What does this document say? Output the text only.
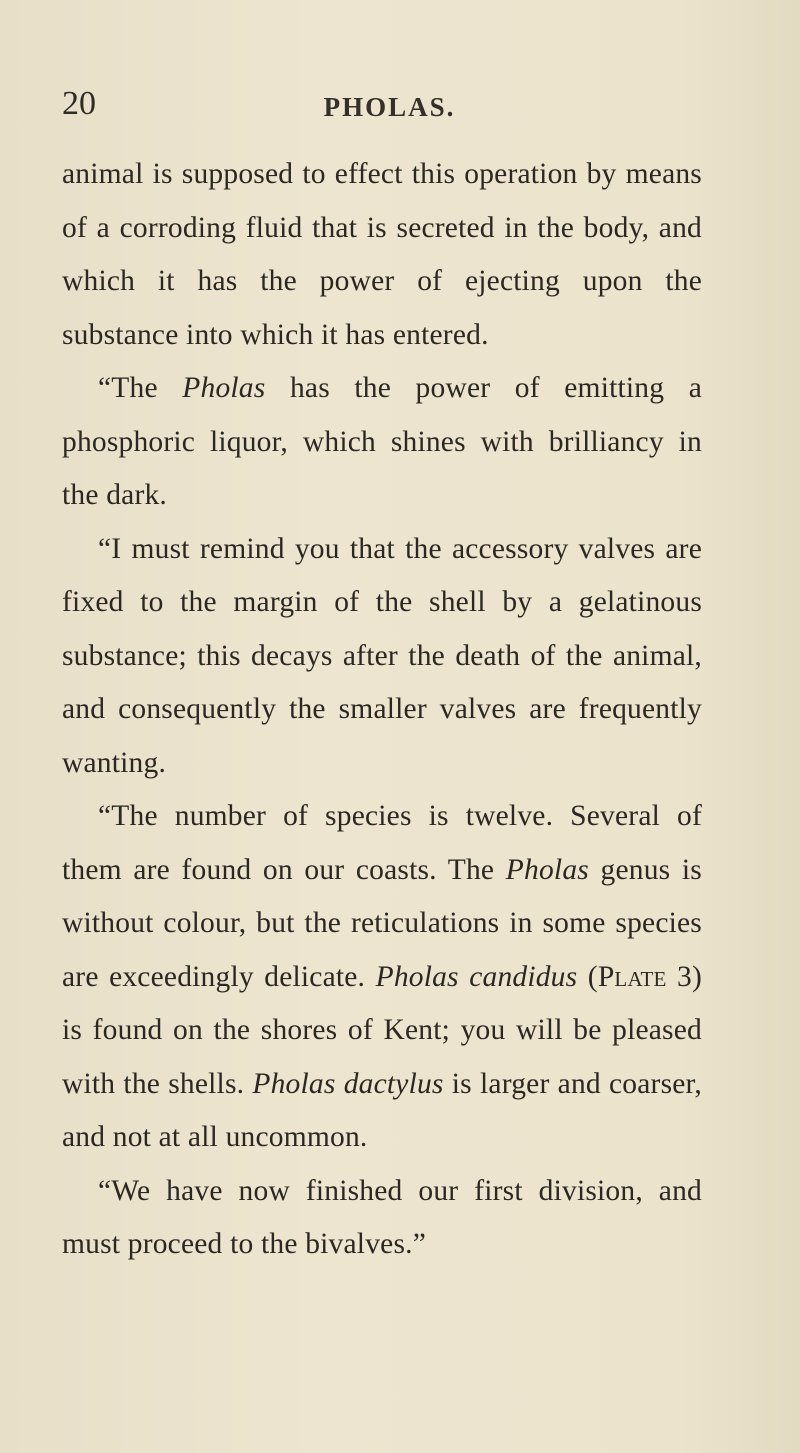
20	PHOLAS.

animal is supposed to effect this operation by means of a corroding fluid that is secreted in the body, and which it has the power of ejecting upon the substance into which it has entered.

“The Pholas has the power of emitting a phosphoric liquor, which shines with brilliancy in the dark.

“I must remind you that the accessory valves are fixed to the margin of the shell by a gelatinous substance; this decays after the death of the animal, and consequently the smaller valves are frequently wanting.

“The number of species is twelve. Several of them are found on our coasts. The Pholas genus is without colour, but the reticulations in some species are exceedingly delicate. Pholas candidus (Plate 3) is found on the shores of Kent; you will be pleased with the shells. Pholas dactylus is larger and coarser, and not at all uncommon.

“We have now finished our first division, and must proceed to the bivalves.”
